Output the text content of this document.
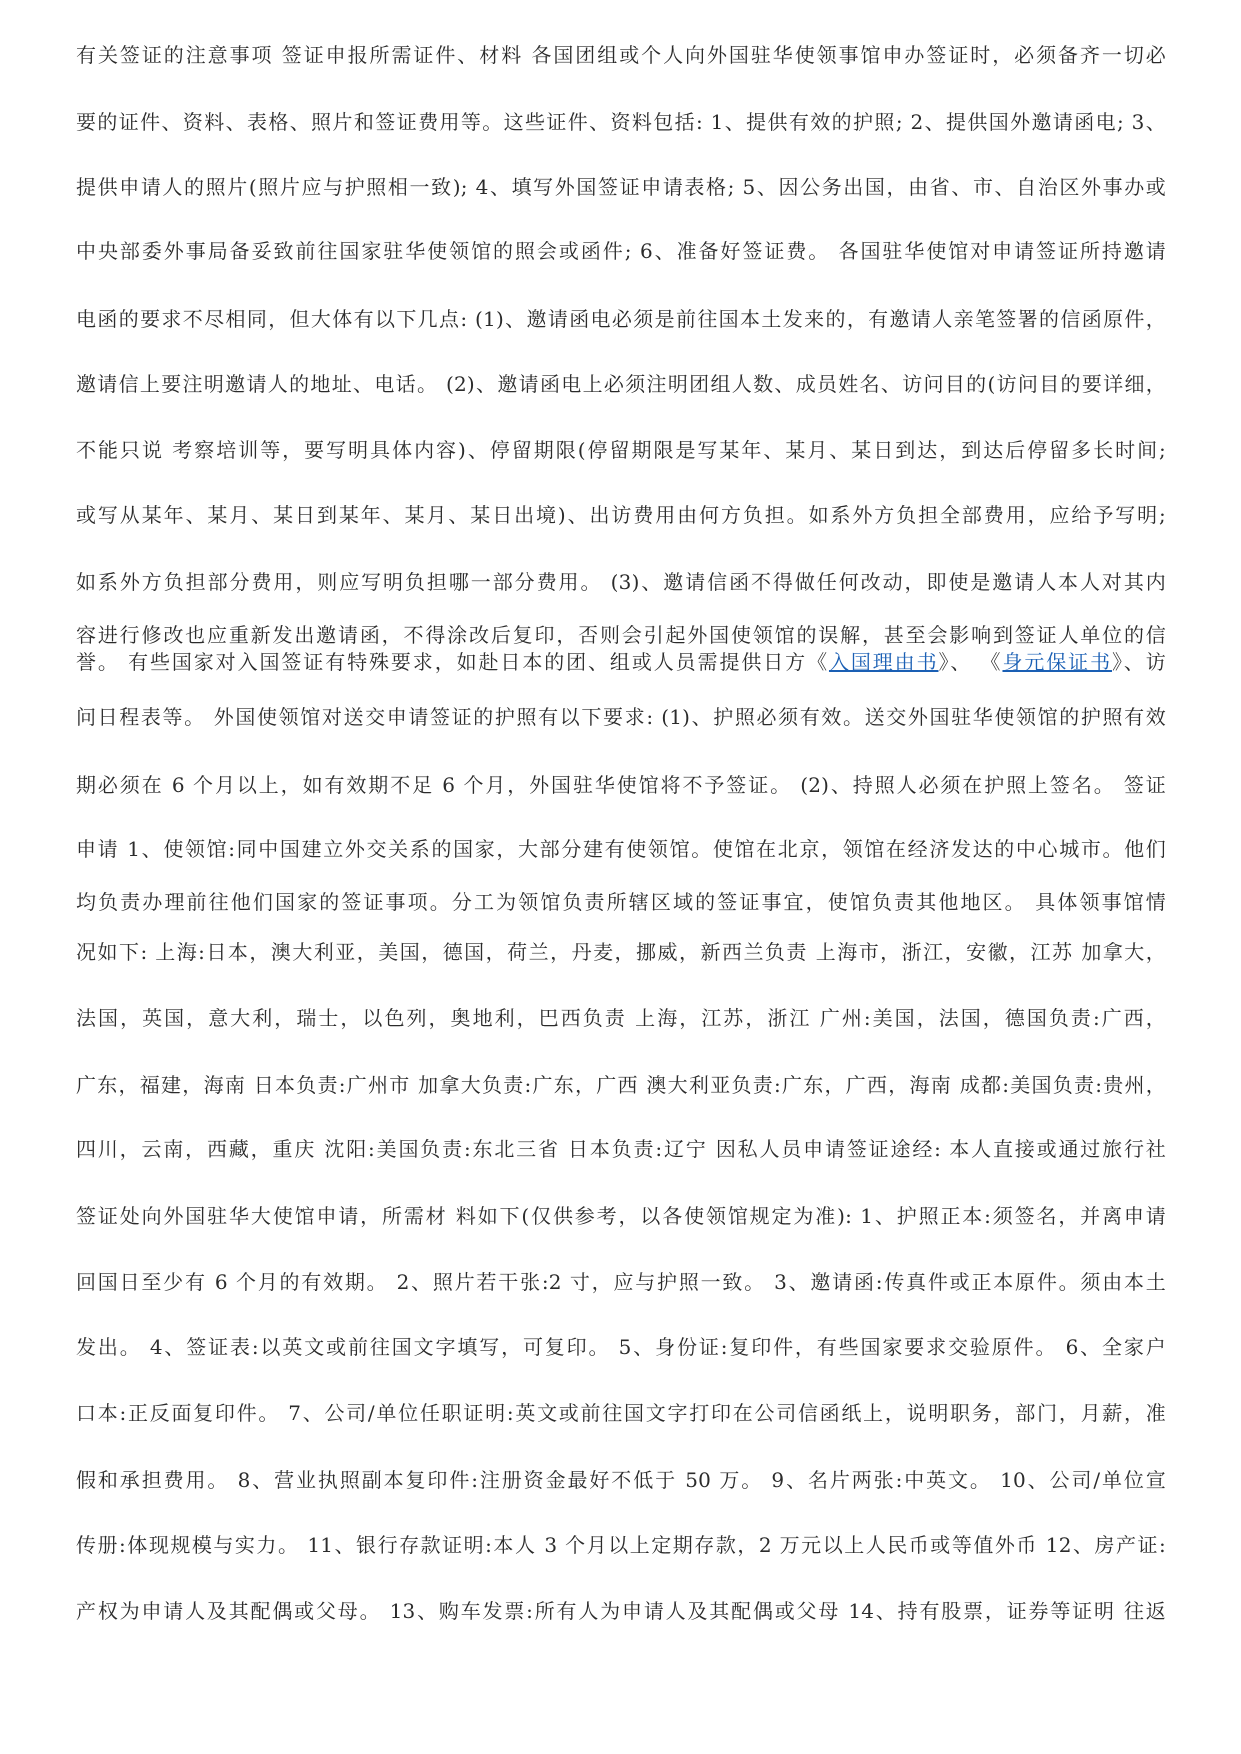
有关签证的注意事项 签证申报所需证件、材料 各国团组或个人向外国驻华使领事馆申办签证时，必须备齐一切必
要的证件、资料、表格、照片和签证费用等。这些证件、资料包括: 1、提供有效的护照; 2、提供国外邀请函电; 3、
提供申请人的照片(照片应与护照相一致); 4、填写外国签证申请表格; 5、因公务出国，由省、市、自治区外事办或
中央部委外事局备妥致前往国家驻华使领馆的照会或函件; 6、准备好签证费。 各国驻华使馆对申请签证所持邀请
电函的要求不尽相同，但大体有以下几点: (1)、邀请函电必须是前往国本土发来的，有邀请人亲笔签署的信函原件，
邀请信上要注明邀请人的地址、电话。 (2)、邀请函电上必须注明团组人数、成员姓名、访问目的(访问目的要详细，
不能只说 考察培训等，要写明具体内容)、停留期限(停留期限是写某年、某月、某日到达，到达后停留多长时间;
或写从某年、某月、某日到某年、某月、某日出境)、出访费用由何方负担。如系外方负担全部费用，应给予写明;
如系外方负担部分费用，则应写明负担哪一部分费用。 (3)、邀请信函不得做任何改动，即使是邀请人本人对其内
容进行修改也应重新发出邀请函，不得涂改后复印，否则会引起外国使领馆的误解，甚至会影响到签证人单位的信
誉。 有些国家对入国签证有特殊要求，如赴日本的团、组或人员需提供日方《入国理由书》、 《身元保证书》、访
问日程表等。 外国使领馆对送交申请签证的护照有以下要求: (1)、护照必须有效。送交外国驻华使领馆的护照有效
期必须在 6 个月以上，如有效期不足 6 个月，外国驻华使馆将不予签证。 (2)、持照人必须在护照上签名。 签证
申请 1、使领馆:同中国建立外交关系的国家，大部分建有使领馆。使馆在北京，领馆在经济发达的中心城市。他们
均负责办理前往他们国家的签证事项。分工为领馆负责所辖区域的签证事宜，使馆负责其他地区。 具体领事馆情
况如下: 上海:日本，澳大利亚，美国，德国，荷兰，丹麦，挪威，新西兰负责 上海市，浙江，安徽，江苏 加拿大，
法国，英国，意大利，瑞士，以色列，奥地利，巴西负责 上海，江苏，浙江 广州:美国，法国，德国负责:广西，
广东，福建，海南 日本负责:广州市 加拿大负责:广东，广西 澳大利亚负责:广东，广西，海南 成都:美国负责:贵州，
四川，云南，西藏，重庆 沈阳:美国负责:东北三省 日本负责:辽宁 因私人员申请签证途经: 本人直接或通过旅行社
签证处向外国驻华大使馆申请，所需材 料如下(仅供参考，以各使领馆规定为准): 1、护照正本:须签名，并离申请
回国日至少有 6 个月的有效期。 2、照片若干张:2 寸，应与护照一致。 3、邀请函:传真件或正本原件。须由本土
发出。 4、签证表:以英文或前往国文字填写，可复印。 5、身份证:复印件，有些国家要求交验原件。 6、全家户
口本:正反面复印件。 7、公司/单位任职证明:英文或前往国文字打印在公司信函纸上，说明职务，部门，月薪，准
假和承担费用。 8、营业执照副本复印件:注册资金最好不低于 50 万。 9、名片两张:中英文。 10、公司/单位宣
传册:体现规模与实力。 11、银行存款证明:本人 3 个月以上定期存款，2 万元以上人民币或等值外币 12、房产证:
产权为申请人及其配偶或父母。 13、购车发票:所有人为申请人及其配偶或父母 14、持有股票，证券等证明 往返
